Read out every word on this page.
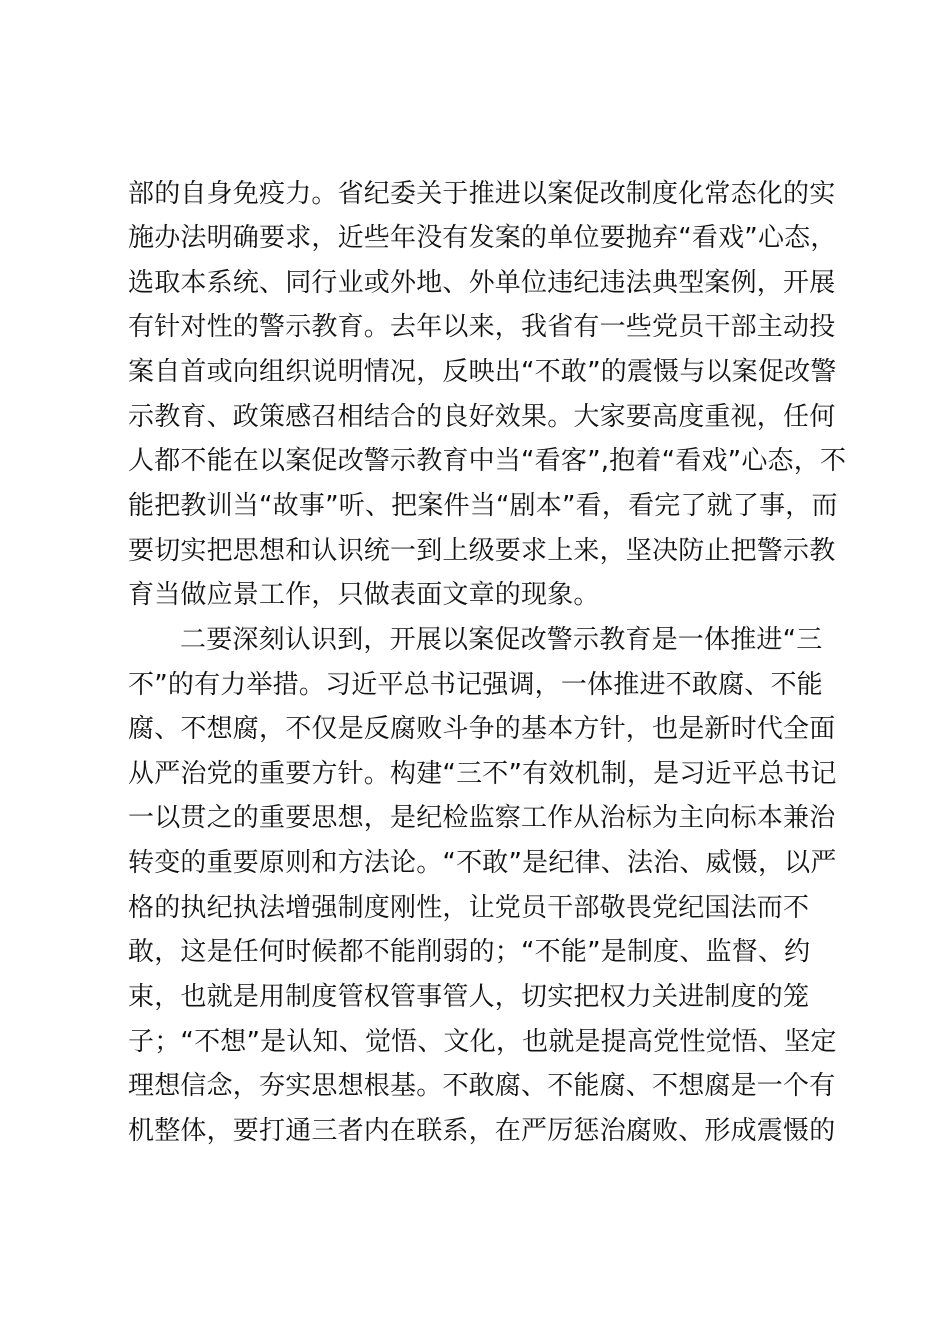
部的自身免疫力。省纪委关于推进以案促改制度化常态化的实
施办法明确要求，近些年没有发案的单位要抛弃“看戏”心态，
选取本系统、同行业或外地、外单位违纪违法典型案例，开展
有针对性的警示教育。去年以来，我省有一些党员干部主动投
案自首或向组织说明情况，反映出“不敢”的震慑与以案促改警
示教育、政策感召相结合的良好效果。大家要高度重视，任何
人都不能在以案促改警示教育中当“看客”,抱着“看戏”心态，不
能把教训当“故事”听、把案件当“剧本”看，看完了就了事，而
要切实把思想和认识统一到上级要求上来，坚决防止把警示教
育当做应景工作，只做表面文章的现象。
二要深刻认识到，开展以案促改警示教育是一体推进“三
不”的有力举措。习近平总书记强调，一体推进不敢腐、不能
腐、不想腐，不仅是反腐败斗争的基本方针，也是新时代全面
从严治党的重要方针。构建“三不”有效机制，是习近平总书记
一以贯之的重要思想，是纪检监察工作从治标为主向标本兼治
转变的重要原则和方法论。“不敢”是纪律、法治、威慑，以严
格的执纪执法增强制度刚性，让党员干部敬畏党纪国法而不
敢，这是任何时候都不能削弱的；“不能”是制度、监督、约
束，也就是用制度管权管事管人，切实把权力关进制度的笼
子；“不想”是认知、觉悟、文化，也就是提高党性觉悟、坚定
理想信念，夯实思想根基。不敢腐、不能腐、不想腐是一个有
机整体，要打通三者内在联系，在严厉惩治腐败、形成震慑的
